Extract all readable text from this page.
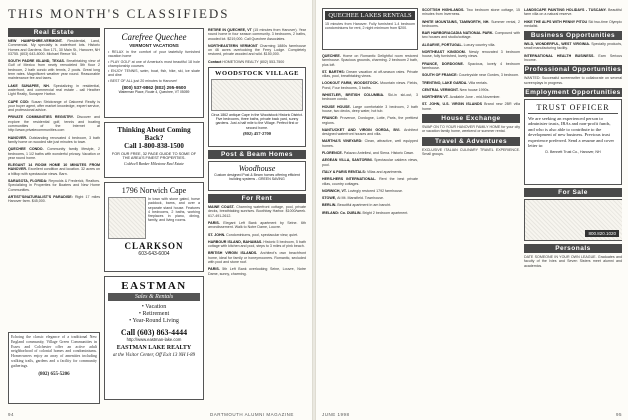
THIS MONTH'S CLASSIFIEDS
Real Estate
NEW HAMPSHIRE-VERMONT. Residential, Land, Commercial. My specialty is waterfront lots. Historic Homes and Gardens. Box 171, 30 Main St., Hanover, NH 03755. (603) 643-8000. Michael Reece '64.
SOUTH PADRE ISLAND, TEXAS. Breathtaking view of Gulf of Mexico from newly remodeled 5th floor 2 bedroom, 2 bath condo with tennis, 2 pools. Great long term rates. Magnificent weather year round. Reasonable maintenance fee and taxes.
LAKE SUNAPEE, NH. Specializing in residential, waterfront, and commercial real estate - call Heather Light Realty, Sunapee Harbor.
CAPE COD: Susan Strickrange of Oakcrest Realty is your buyer agent, offer market knowledge, expert service, and professional advice.
PRIVATE COMMUNITIES REGISTRY. Discover and explore the residential golf, tennis and boating communities of the Internet at http://www.privatecommunities.com
HANOVER. Outstanding renovated 4 bedroom, 3 bath family home on wooded site just minutes to town.
QUECHEE CONDO. Community family lifestyle, 2 bedrooms, 1 1/2 baths with wonderful privacy. Vacation or year round home.
ELEGANT 14 ROOM HOME 10 MINUTES FROM HANOVER. Excellent condition and location. 32 acres on a hilltop with spectacular views. Barn.
SARASOTA, FLORIDA: Reynolds & Frederick, Realtors. Specializing in Properties for Boaters and New Home Communities.
ARTIST'S/NATURALIST'S PARADISE: Right 17 miles Hanover farm. $45,000.
Echoing the classic elegance of a traditional New England community, Village Green Communities in Essex and Colchester offer an active adult neighborhood of colonial homes and condominiums. Homeowners enjoy an array of amenities including walking trails, gardens and a facility for community gatherings.
(802) 655-5206
Carefree Quechee
VERMONT VACATIONS
• RELAX in the comfort of your tastefully furnished vacation home
• PLAY GOLF at one of America's most beautiful 18 hole championship courses
• ENJOY TENNIS, swim, boat, fish, hike, ski, ice skate and dine
• BEST OF ALL just 20 minutes to Hanover!
(800) 537-9862 (802) 295-9500
Waterman Place, Route 4, Quechee, VT 05059
Thinking About Coming Back?
Call 1-800-838-1500
FOR OUR FREE, 32 PAGE GUIDE TO SOME OF THE AREA'S FINEST PROPERTIES.
Coldwell Banker Milestone Real Estate
1796 Norwich Cape
In town with stone gated, horse paddock, barns, and over a separate stand house. Features 4 bedrooms, 2 baths, working fireplaces in piano, dining, family, and living rooms.
CLARKSON
603-643-6004
EASTMAN
Sales & Rentals
• Vacation
• Retirement
• Year-Round Living
Call (603) 863-4444
http://www.eastman-lake.com
EASTMAN LAKE REALTY
at the Visitor Center, Off Exit 13 NH I-89
RETIRE IN QUECHEE, VT (15 minutes from Hanover). Year round home in four season community. 3 bedrooms, 2 baths, wooded lot. $219,000. Call Quechee Associates.
NORTHEASTERN VERMONT Charming 1880s farmhouse on 46 acres overlooking the Ferry Lodge. Completely restored, private wooded and wild. $150,000.
Contact HOMETOWN REALTY (802) 553-7500
WOODSTOCK VILLAGE
Circa 1862 antique Cape in the Woodstock Historic District. Five bedrooms, three baths, private back yard, sunny gardens. Just a half mile to the Village. Perfect first or second home.
(802) 457-2700
Post & Beam Homes
Woodhouse
Custom designed Post & Beam homes offering efficient building systems - GREEN SAVING
For Rent
MAINE COAST. Charming waterfront cottage, pool, private decks, breathtaking sunrises. Boothbay Harbor. $1000/week. 617-491-2612.
PARIS. Elegant Left Bank apartment by Seine. 6th arrondissement. Walk to Notre Dame, Louvre.
ST. JOHN. Condominiums, pool, spectacular view, quiet.
HARBOUR ISLAND, BAHAMAS. Historic 5 bedroom, 5 bath cottage with kitchen and pool, steps to 3 miles of pink beach.
BRITISH VIRGIN ISLANDS. Architect's own beachfront home, ideal for family or honeymooners. Romantic, secluded with pool and stone roof.
PARIS. 5th Left Bank overlooking Seine, Louvre, Notre Dame, sunny, charming.
94	DARTMOUTH ALUMNI MAGAZINE
QUECHEE LAKES RENTALS
15 minutes from Hanover. Fully furnished 1-4 bedroom condominiums for rent, 2 night minimum from $200.
QUECHEE. Home on Romantic Delightful room restored farmhouse. Spacious grounds, charming. 2 bedroom 2 bath, plus loft.
ST. BARTHS: Dream vacation at off-season rates. Private villas, pool, breathtaking views.
LOOKOUT FARM, WOODSTOCK. Mountain views. Fields, Pond, Four bedrooms, 3 baths.
WHISTLER, BRITISH COLUMBIA. Ski-in ski-out, 3 bedroom condo.
HOUSE HOUSE. Large comfortable 3 bedroom, 2 bath house, two decks, deep water, hot tub.
FRANCE: Provence, Dordogne, Lotte, Paris, the prettiest regions.
NANTUCKET AND VIRGIN GORDA, BVI. Architect designed waterfront houses and villa.
MARTHA'S VINEYARD: Clean, attractive, well equipped homes.
FLORENCE. Palazzo Antellesi, and Siena. Historic Dawn.
AEGEAN VILLA, SANTORINI. Spectacular caldera views, pool.
ITALY & PARIS RENTALS: Villas and apartments.
HERS-HERS INTERNATIONAL. Rent the best private villas, country cottages.
NORWICH, VT. Lovingly restored 1792 farmhouse.
STOWE, At Mt. Mansfield. Townhouse.
BERLIN. Beautiful apartment in am bancht.
IRELAND: Co. DUBLIN. Bright 2 bedroom apartment.
SCOTTISH HIGHLANDS. Two bedroom stone cottage, 15 minutes from Inverness.
WHITE MOUNTAINS, TAMWORTH, NH. Summer rental, 2 bedrooms.
BAR HARBOR/ACADIA NATIONAL PARK. Compound with two houses and studio/cottage.
ALGARVE, PORTUGAL. Luxury country villa.
NORTHEAST KINGDOM. Newly renovated 3 bedroom house, fully furnished, lovely views.
FRANCE, DORDOGNE. Spacious, lovely 4 bedroom farmhouse.
SOUTH OF FRANCE: Countryside near Gordes, 3 bedroom.
TRENTINO, LAKE GARDA. Villa rentals.
CENTRAL VERMONT. New house 1990s.
NORTHERN VT. Available June - mid-November.
ST. JOHN, U.S. VIRGIN ISLANDS Brand new 2BR villa home.
House Exchange
SWAP ON TO YOUR HANOVER FAMILY HOME for your city or vacation family home, weekend or summer rental.
Travel & Adventures
EXCLUSIVE ITALIAN CULINARY TRAVEL EXPERIENCE. Small groups.
LANDSCAPE PAINTING HOLIDAYS - TUSCANY. Beautiful farm villa on a natural reserve.
HIKE THE ALPS WITH PENNY PITOU Ski two-time Olympic medalist.
Business Opportunities
WILD, WONDERFUL, WEST VIRGINIA. Specialty products, small manufacturing facility.
INTERNATIONAL HEALTH BUSINESS. Earn Serious Income.
Professional Opportunities
WANTED: Successful screenwriter to collaborate on several screenplays in progress.
Employment Opportunities
TRUST OFFICER
We are seeking an experienced person to administer trusts, IRAs and non-profit funds, and who is also able to contribute to the development of new business. Previous trust experience preferred. Send a resume and cover letter to:
D. Bennett Trust Co., Hanover, NH
For Sale
800.820.1020
Personals
DATE SOMEONE IN YOUR OWN LEAGUE. Graduates and faculty of the Ivies and Seven Sisters meet alumni and academics.
JUNE 1998	95
